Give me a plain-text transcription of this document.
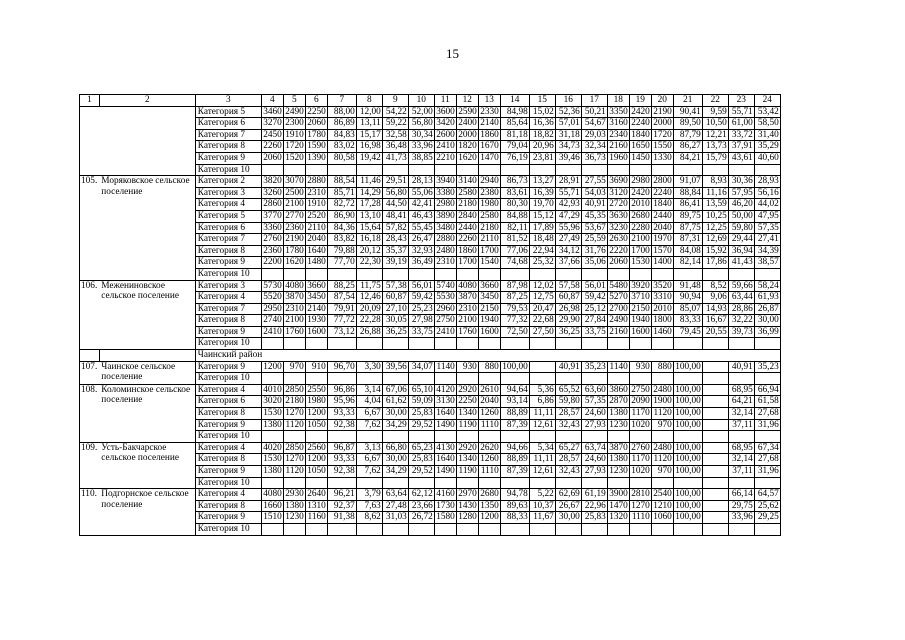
15
1	2	3	4	5	6	7	8	9	10	11	12	13	14	15	16	17	18	19	20	21	22	23	24
		Категория 5	3460	2490	2250	88,00	12,00	54,22	52,00	3600	2590	2330	84,98	15,02	52,36	50,21	3350	2420	2190	90,41	9,59	55,71	53,42
		Категория 6	3270	2300	2060	86,89	13,11	59,22	56,80	3420	2400	2140	85,64	16,36	57,01	54,67	3160	2240	2000	89,50	10,50	61,00	58,50
		Категория 7	2450	1910	1780	84,83	15,17	32,58	30,34	2600	2000	1860	81,18	18,82	31,18	29,03	2340	1840	1720	87,79	12,21	33,72	31,40
		Категория 8	2260	1720	1590	83,02	16,98	36,48	33,96	2410	1820	1670	79,04	20,96	34,73	32,34	2160	1650	1550	86,27	13,73	37,91	35,29
		Категория 9	2060	1520	1390	80,58	19,42	41,73	38,85	2210	1620	1470	76,19	23,81	39,46	36,73	1960	1450	1330	84,21	15,79	43,61	40,60
		Категория 10																					
105.	Моряковское сельское поселение	Категория 2	3820	3070	2880	88,54	11,46	29,51	28,13	3940	3140	2940	86,73	13,27	28,91	27,55	3690	2980	2800	91,07	8,93	30,36	28,93
		Категория 3	3260	2500	2310	85,71	14,29	56,80	55,06	3380	2580	2380	83,61	16,39	55,71	54,03	3120	2420	2240	88,84	11,16	57,95	56,16
		Категория 4	2860	2100	1910	82,72	17,28	44,50	42,41	2980	2180	1980	80,30	19,70	42,93	40,91	2720	2010	1840	86,41	13,59	46,20	44,02
		Категория 5	3770	2770	2520	86,90	13,10	48,41	46,43	3890	2840	2580	84,88	15,12	47,29	45,35	3630	2680	2440	89,75	10,25	50,00	47,95
		Категория 6	3360	2360	2110	84,36	15,64	57,82	55,45	3480	2440	2180	82,11	17,89	55,96	53,67	3230	2280	2040	87,75	12,25	59,80	57,35
		Категория 7	2760	2190	2040	83,82	16,18	28,43	26,47	2880	2260	2110	81,52	18,48	27,49	25,59	2630	2100	1970	87,31	12,69	29,44	27,41
		Категория 8	2360	1780	1640	79,88	20,12	35,37	32,93	2480	1860	1700	77,06	22,94	34,12	31,76	2220	1700	1570	84,08	15,92	36,94	34,39
		Категория 9	2200	1620	1480	77,70	22,30	39,19	36,49	2310	1700	1540	74,68	25,32	37,66	35,06	2060	1530	1400	82,14	17,86	41,43	38,57
		Категория 10																					
106.	Межениновское сельское поселение	Категория 3	5730	4080	3660	88,25	11,75	57,38	56,01	5740	4080	3660	87,98	12,02	57,58	56,01	5480	3920	3520	91,48	8,52	59,66	58,24
		Категория 4	5520	3870	3450	87,54	12,46	60,87	59,42	5530	3870	3450	87,25	12,75	60,87	59,42	5270	3710	3310	90,94	9,06	63,44	61,93
		Категория 7	2950	2310	2140	79,91	20,09	27,10	25,23	2960	2310	2150	79,53	20,47	26,98	25,12	2700	2150	2010	85,07	14,93	28,86	26,87
		Категория 8	2740	2100	1930	77,72	22,28	30,05	27,98	2750	2100	1940	77,32	22,68	29,90	27,84	2490	1940	1800	83,33	16,67	32,22	30,00
		Категория 9	2410	1760	1600	73,12	26,88	36,25	33,75	2410	1760	1600	72,50	27,50	36,25	33,75	2160	1600	1460	79,45	20,55	39,73	36,99
		Категория 10																					
		Чаинский район																					
107.	Чаинское сельское поселение	Категория 9	1200	970	910	96,70	3,30	39,56	34,07	1140	930	880	100,00		40,91	35,23	1140	930	880	100,00		40,91	35,23
		Категория 10																					
108.	Коломинское сельское поселение	Категория 4	4010	2850	2550	96,86	3,14	67,06	65,10	4120	2920	2610	94,64	5,36	65,52	63,60	3860	2750	2480	100,00		68,95	66,94
		Категория 6	3020	2180	1980	95,96	4,04	61,62	59,09	3130	2250	2040	93,14	6,86	59,80	57,35	2870	2090	1900	100,00		64,21	61,58
		Категория 8	1530	1270	1200	93,33	6,67	30,00	25,83	1640	1340	1260	88,89	11,11	28,57	24,60	1380	1170	1120	100,00		32,14	27,68
		Категория 9	1380	1120	1050	92,38	7,62	34,29	29,52	1490	1190	1110	87,39	12,61	32,43	27,93	1230	1020	970	100,00		37,11	31,96
		Категория 10																					
109.	Усть-Бакчарское сельское поселение	Категория 4	4020	2850	2560	96,87	3,13	66,80	65,23	4130	2920	2620	94,66	5,34	65,27	63,74	3870	2760	2480	100,00		68,95	67,34
		Категория 8	1530	1270	1200	93,33	6,67	30,00	25,83	1640	1340	1260	88,89	11,11	28,57	24,60	1380	1170	1120	100,00		32,14	27,68
		Категория 9	1380	1120	1050	92,38	7,62	34,29	29,52	1490	1190	1110	87,39	12,61	32,43	27,93	1230	1020	970	100,00		37,11	31,96
		Категория 10																					
110.	Подгорнское сельское поселение	Категория 4	4080	2930	2640	96,21	3,79	63,64	62,12	4160	2970	2680	94,78	5,22	62,69	61,19	3900	2810	2540	100,00		66,14	64,57
		Категория 8	1660	1380	1310	92,37	7,63	27,48	23,66	1730	1430	1350	89,63	10,37	26,67	22,96	1470	1270	1210	100,00		29,75	25,62
		Категория 9	1510	1230	1160	91,38	8,62	31,03	26,72	1580	1280	1200	88,33	11,67	30,00	25,83	1320	1110	1060	100,00		33,96	29,25
		Категория 10																					
